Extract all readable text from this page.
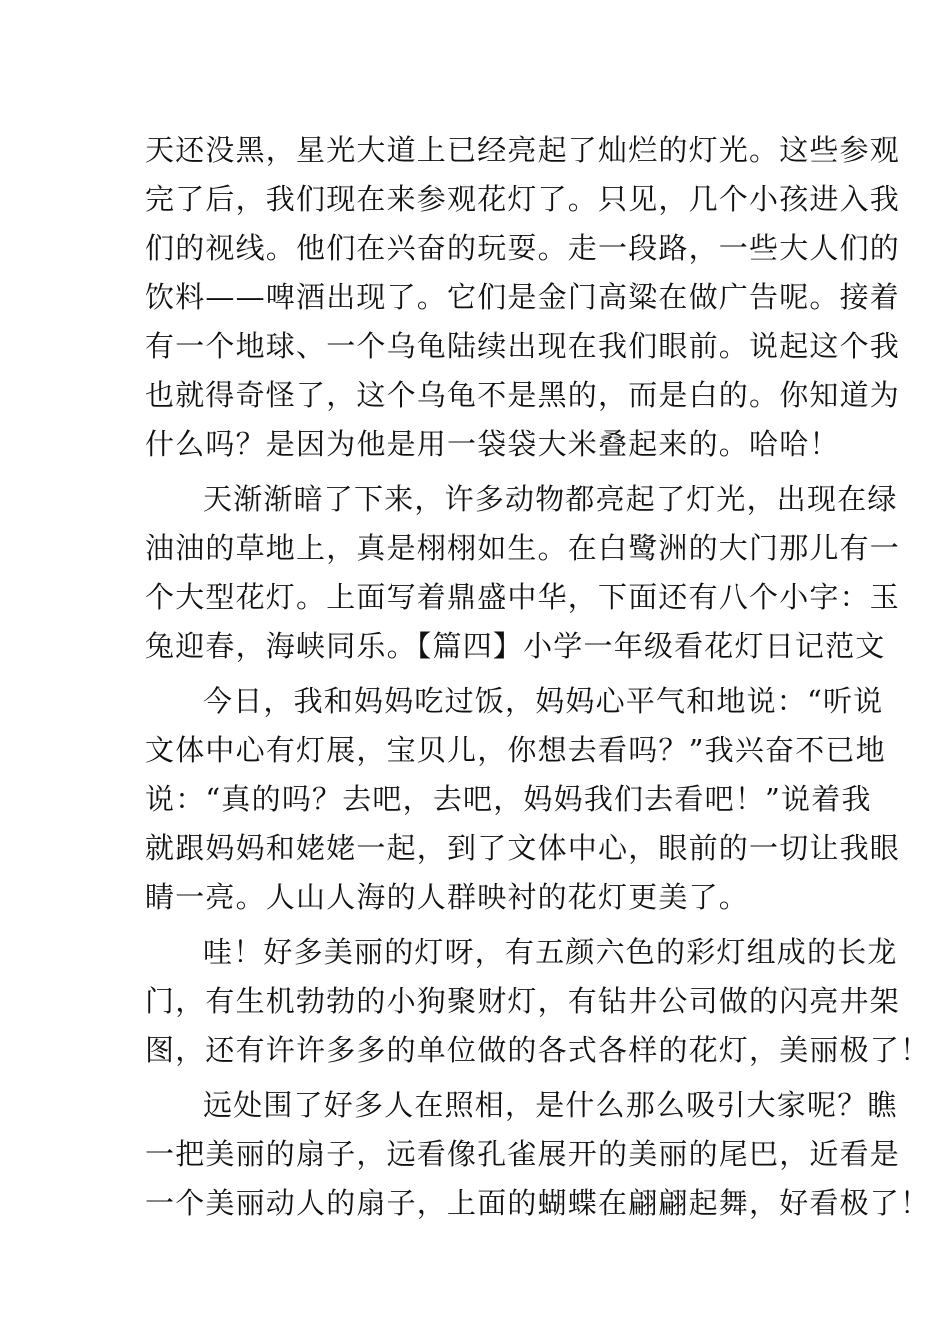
天还没黑，星光大道上已经亮起了灿烂的灯光。这些参观
完了后，我们现在来参观花灯了。只见，几个小孩进入我
们的视线。他们在兴奋的玩耍。走一段路，一些大人们的
饮料——啤酒出现了。它们是金门高粱在做广告呢。接着
有一个地球、一个乌龟陆续出现在我们眼前。说起这个我
也就得奇怪了，这个乌龟不是黑的，而是白的。你知道为
什么吗？是因为他是用一袋袋大米叠起来的。哈哈！
天渐渐暗了下来，许多动物都亮起了灯光，出现在绿
油油的草地上，真是栩栩如生。在白鹭洲的大门那儿有一
个大型花灯。上面写着鼎盛中华，下面还有八个小字：玉
兔迎春，海峡同乐。【篇四】小学一年级看花灯日记范文
今日，我和妈妈吃过饭，妈妈心平气和地说：“听说
文体中心有灯展，宝贝儿，你想去看吗？”我兴奋不已地
说：“真的吗？去吧，去吧，妈妈我们去看吧！”说着我
就跟妈妈和姥姥一起，到了文体中心，眼前的一切让我眼
睛一亮。人山人海的人群映衬的花灯更美了。
哇！好多美丽的灯呀，有五颜六色的彩灯组成的长龙
门，有生机勃勃的小狗聚财灯，有钻井公司做的闪亮井架
图，还有许许多多的单位做的各式各样的花灯，美丽极了！
远处围了好多人在照相，是什么那么吸引大家呢？瞧
一把美丽的扇子，远看像孔雀展开的美丽的尾巴，近看是
一个美丽动人的扇子，上面的蝴蝶在翩翩起舞，好看极了！
